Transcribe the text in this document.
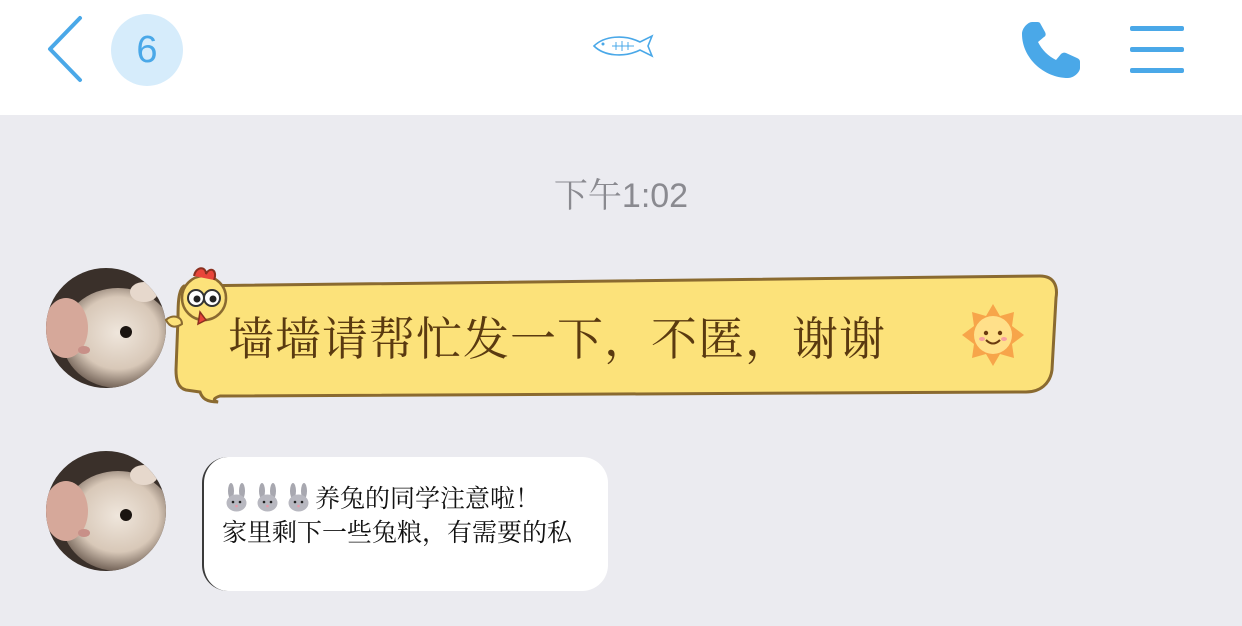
6
下午1:02
墙墙请帮忙发一下，不匿，谢谢
养兔的同学注意啦！
家里剩下一些兔粮，有需要的私
